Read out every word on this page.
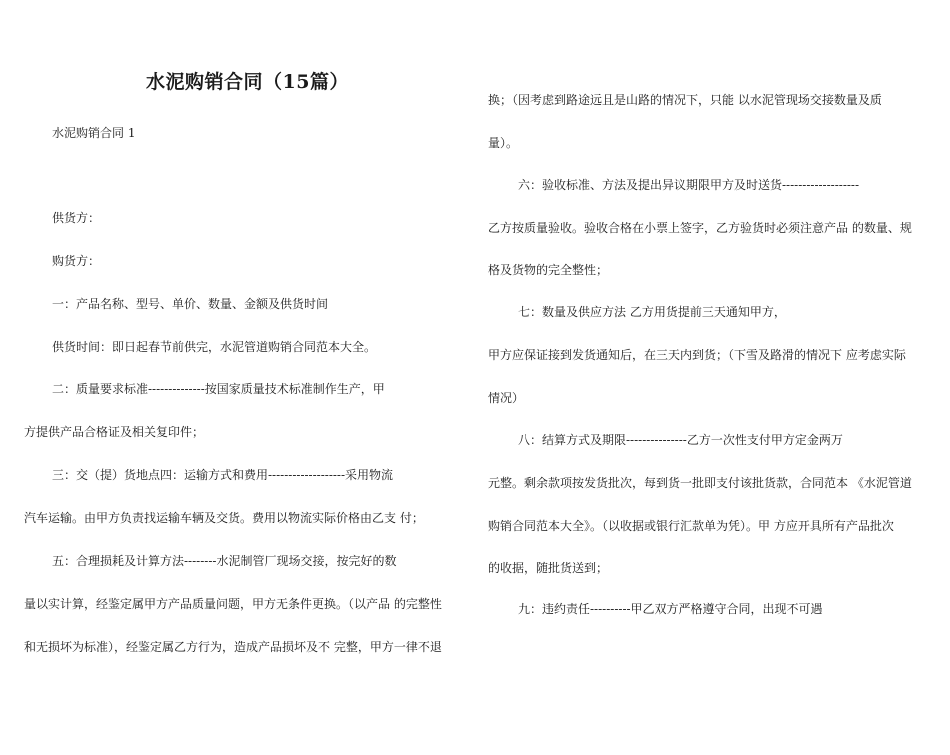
水泥购销合同（15篇）
水泥购销合同 1
供货方：
购货方：
一：产品名称、型号、单价、数量、金额及供货时间
供货时间：即日起春节前供完，水泥管道购销合同范本大全。
二：质量要求标准--------------按国家质量技术标准制作生产，甲
方提供产品合格证及相关复印件；
三：交（提）货地点四：运输方式和费用-------------------采用物流
汽车运输。由甲方负责找运输车辆及交货。费用以物流实际价格由乙支 付；
五：合理损耗及计算方法--------水泥制管厂现场交接，按完好的数
量以实计算，经鉴定属甲方产品质量问题，甲方无条件更换。（以产品 的完整性
和无损坏为标准），经鉴定属乙方行为，造成产品损坏及不 完整，甲方一律不退
换；（因考虑到路途远且是山路的情况下，只能 以水泥管现场交接数量及质
量）。
六：验收标准、方法及提出异议期限甲方及时送货-------------------
乙方按质量验收。验收合格在小票上签字，乙方验货时必须注意产品 的数量、规
格及货物的完全整性；
七：数量及供应方法 乙方用货提前三天通知甲方，
甲方应保证接到发货通知后，在三天内到货；（下雪及路滑的情况下 应考虑实际
情况）
八：结算方式及期限---------------乙方一次性支付甲方定金两万
元整。剩余款项按发货批次，每到货一批即支付该批货款，合同范本 《水泥管道
购销合同范本大全》。（以收据或银行汇款单为凭）。甲 方应开具所有产品批次
的收据，随批货送到；
九：违约责任----------甲乙双方严格遵守合同，出现不可遇
